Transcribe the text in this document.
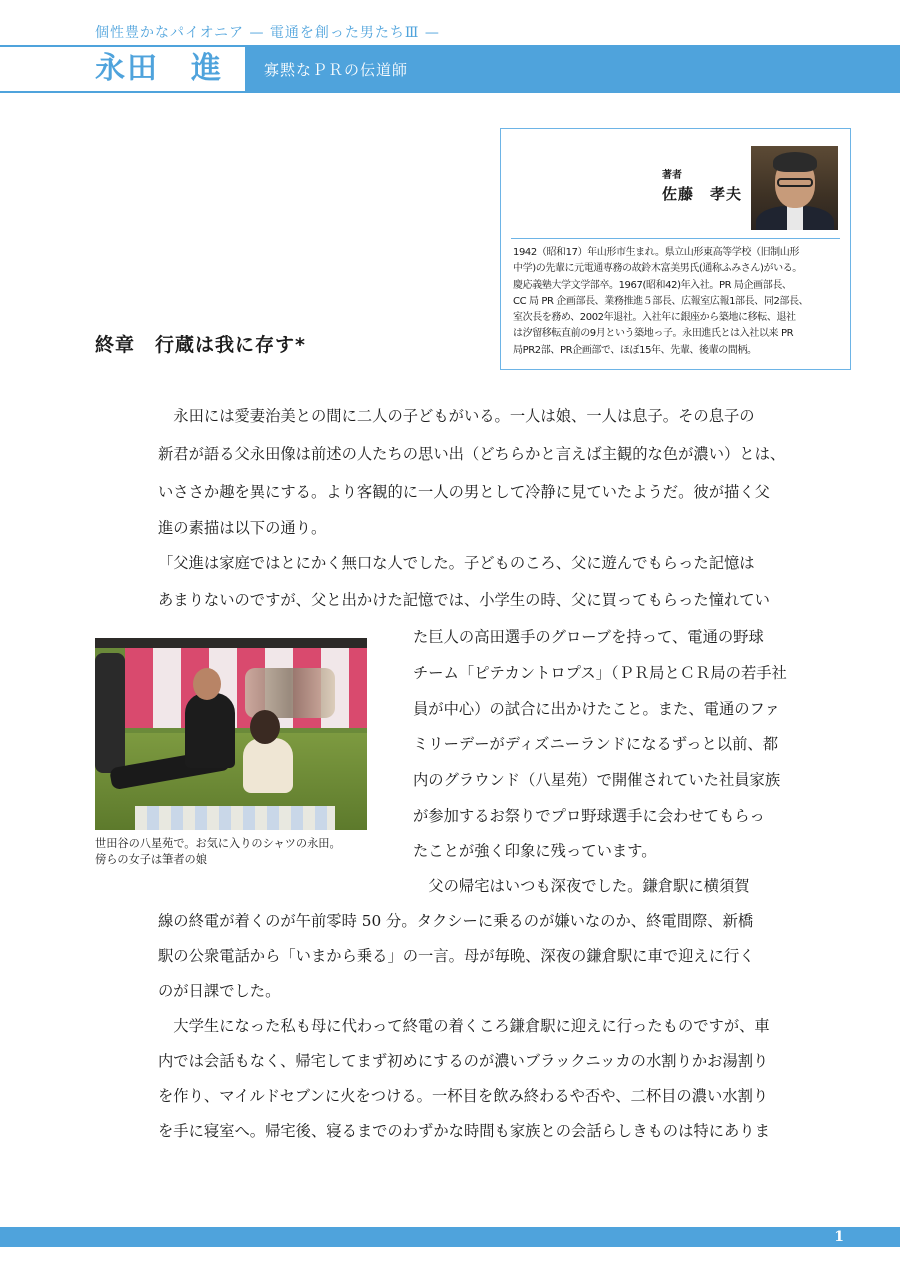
個性豊かなパイオニア — 電通を創った男たちⅢ —
永田　進	寡黙なＰＲの伝道師
著者
佐藤　孝夫
1942（昭和17）年山形市生まれ。県立山形東高等学校（旧制山形
中学)の先輩に元電通専務の故鈴木富美男氏(通称ふみさん)がいる。
慶応義塾大学文学部卒。1967(昭和42)年入社。PR 局企画部長、
CC 局 PR 企画部長、業務推進５部長、広報室広報1部長、同2部長、
室次長を務め、2002年退社。入社年に銀座から築地に移転、退社
は汐留移転直前の9月という築地っ子。永田進氏とは入社以来 PR
局PR2部、PR企画部で、ほぼ15年、先輩、後輩の間柄。
終章　行蔵は我に存す*
　永田には愛妻治美との間に二人の子どもがいる。一人は娘、一人は息子。その息子の
新君が語る父永田像は前述の人たちの思い出（どちらかと言えば主観的な色が濃い）とは、
いささか趣を異にする。より客観的に一人の男として冷静に見ていたようだ。彼が描く父
進の素描は以下の通り。
「父進は家庭ではとにかく無口な人でした。子どものころ、父に遊んでもらった記憶は
あまりないのですが、父と出かけた記憶では、小学生の時、父に買ってもらった憧れてい
世田谷の八星苑で。お気に入りのシャツの永田。
傍らの女子は筆者の娘
た巨人の高田選手のグローブを持って、電通の野球
チーム「ピテカントロプス」（ＰＲ局とＣＲ局の若手社
員が中心）の試合に出かけたこと。また、電通のファ
ミリーデーがディズニーランドになるずっと以前、都
内のグラウンド（八星苑）で開催されていた社員家族
が参加するお祭りでプロ野球選手に会わせてもらっ
たことが強く印象に残っています。
　父の帰宅はいつも深夜でした。鎌倉駅に横須賀
線の終電が着くのが午前零時 50 分。タクシーに乗るのが嫌いなのか、終電間際、新橋
駅の公衆電話から「いまから乗る」の一言。母が毎晩、深夜の鎌倉駅に車で迎えに行く
のが日課でした。
　大学生になった私も母に代わって終電の着くころ鎌倉駅に迎えに行ったものですが、車
内では会話もなく、帰宅してまず初めにするのが濃いブラックニッカの水割りかお湯割り
を作り、マイルドセブンに火をつける。一杯目を飲み終わるや否や、二杯目の濃い水割り
を手に寝室へ。帰宅後、寝るまでのわずかな時間も家族との会話らしきものは特にありま
1
